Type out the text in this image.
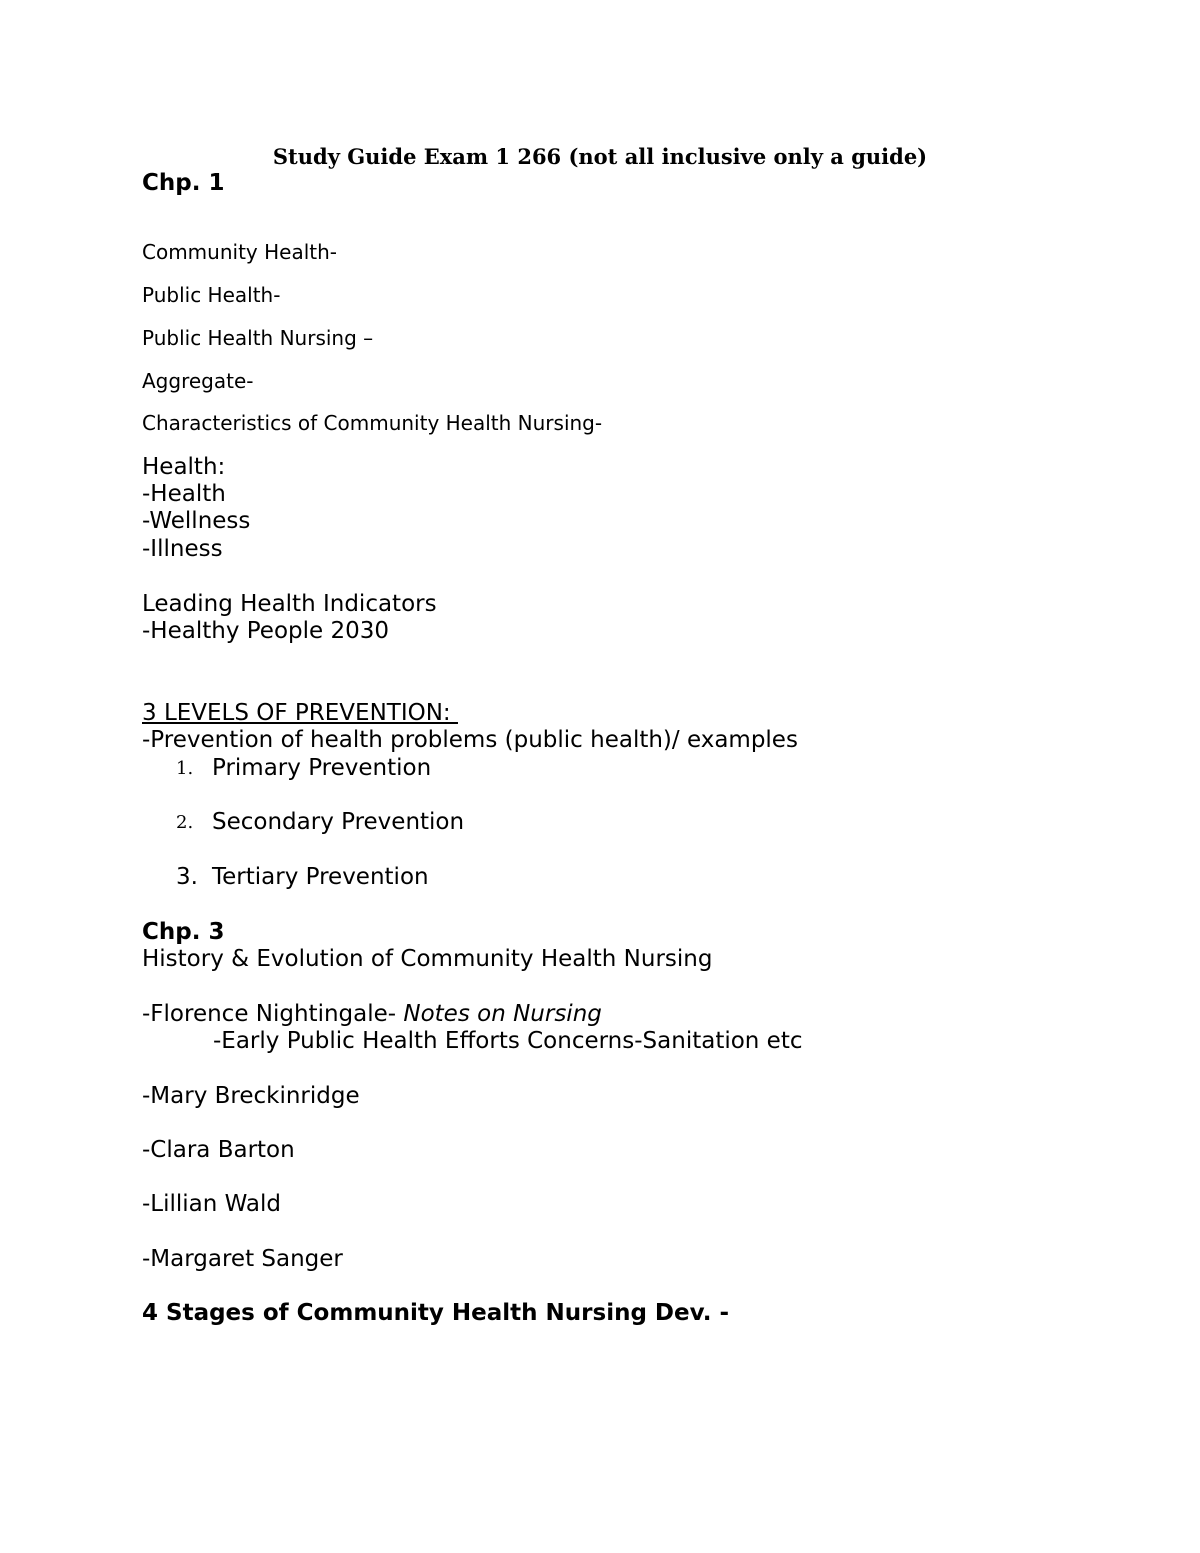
Study Guide Exam 1 266 (not all inclusive only a guide)
Chp. 1
Community Health-
Public Health-
Public Health Nursing –
Aggregate-
Characteristics of Community Health Nursing-
Health:
-Health
-Wellness
-Illness
Leading Health Indicators
-Healthy People 2030
3 LEVELS OF PREVENTION:
-Prevention of health problems (public health)/ examples
1. Primary Prevention
2. Secondary Prevention
3. Tertiary Prevention
Chp. 3
History & Evolution of Community Health Nursing
-Florence Nightingale- Notes on Nursing
-Early Public Health Efforts Concerns-Sanitation etc
-Mary Breckinridge
-Clara Barton
-Lillian Wald
-Margaret Sanger
4 Stages of Community Health Nursing Dev. -
